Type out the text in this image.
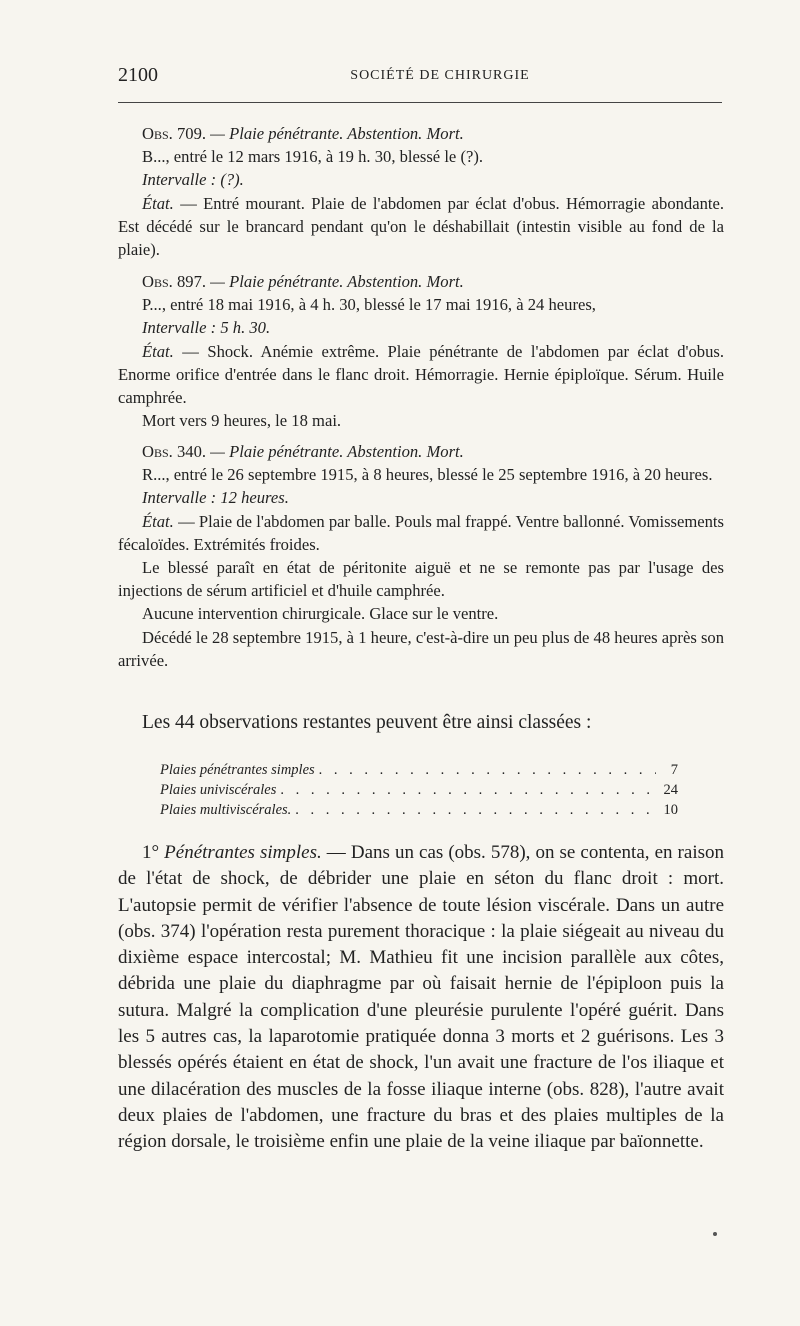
2100	SOCIÉTÉ DE CHIRURGIE

Obs. 709. — Plaie pénétrante. Abstention. Mort.

B..., entré le 12 mars 1916, à 19 h. 30, blessé le (?).

Intervalle : (?).

État. — Entré mourant. Plaie de l'abdomen par éclat d'obus. Hémorragie abondante. Est décédé sur le brancard pendant qu'on le déshabillait (intestin visible au fond de la plaie).

Obs. 897. — Plaie pénétrante. Abstention. Mort.

P..., entré 18 mai 1916, à 4 h. 30, blessé le 17 mai 1916, à 24 heures,

Intervalle : 5 h. 30.

État. — Shock. Anémie extrême. Plaie pénétrante de l'abdomen par éclat d'obus. Enorme orifice d'entrée dans le flanc droit. Hémorragie. Hernie épiploïque. Sérum. Huile camphrée.

Mort vers 9 heures, le 18 mai.

Obs. 340. — Plaie pénétrante. Abstention. Mort.

R..., entré le 26 septembre 1915, à 8 heures, blessé le 25 septembre 1916, à 20 heures.

Intervalle : 12 heures.

État. — Plaie de l'abdomen par balle. Pouls mal frappé. Ventre ballonné. Vomissements fécaloïdes. Extrémités froides.

Le blessé paraît en état de péritonite aiguë et ne se remonte pas par l'usage des injections de sérum artificiel et d'huile camphrée.

Aucune intervention chirurgicale. Glace sur le ventre.

Décédé le 28 septembre 1915, à 1 heure, c'est-à-dire un peu plus de 48 heures après son arrivée.

Les 44 observations restantes peuvent être ainsi classées :
Plaies pénétrantes simples . . .	7
Plaies univiscérales . . .	24
Plaies multiviscérales. . . .	10

1° Pénétrantes simples. — Dans un cas (obs. 578), on se contenta, en raison de l'état de shock, de débrider une plaie en séton du flanc droit : mort. L'autopsie permit de vérifier l'absence de toute lésion viscérale. Dans un autre (obs. 374) l'opération resta purement thoracique : la plaie siégeait au niveau du dixième espace intercostal; M. Mathieu fit une incision parallèle aux côtes, débrida une plaie du diaphragme par où faisait hernie de l'épiploon puis la sutura. Malgré la complication d'une pleurésie purulente l'opéré guérit. Dans les 5 autres cas, la laparotomie pratiquée donna 3 morts et 2 guérisons. Les 3 blessés opérés étaient en état de shock, l'un avait une fracture de l'os iliaque et une dilacération des muscles de la fosse iliaque interne (obs. 828), l'autre avait deux plaies de l'abdomen, une fracture du bras et des plaies multiples de la région dorsale, le troisième enfin une plaie de la veine iliaque par baïonnette.
